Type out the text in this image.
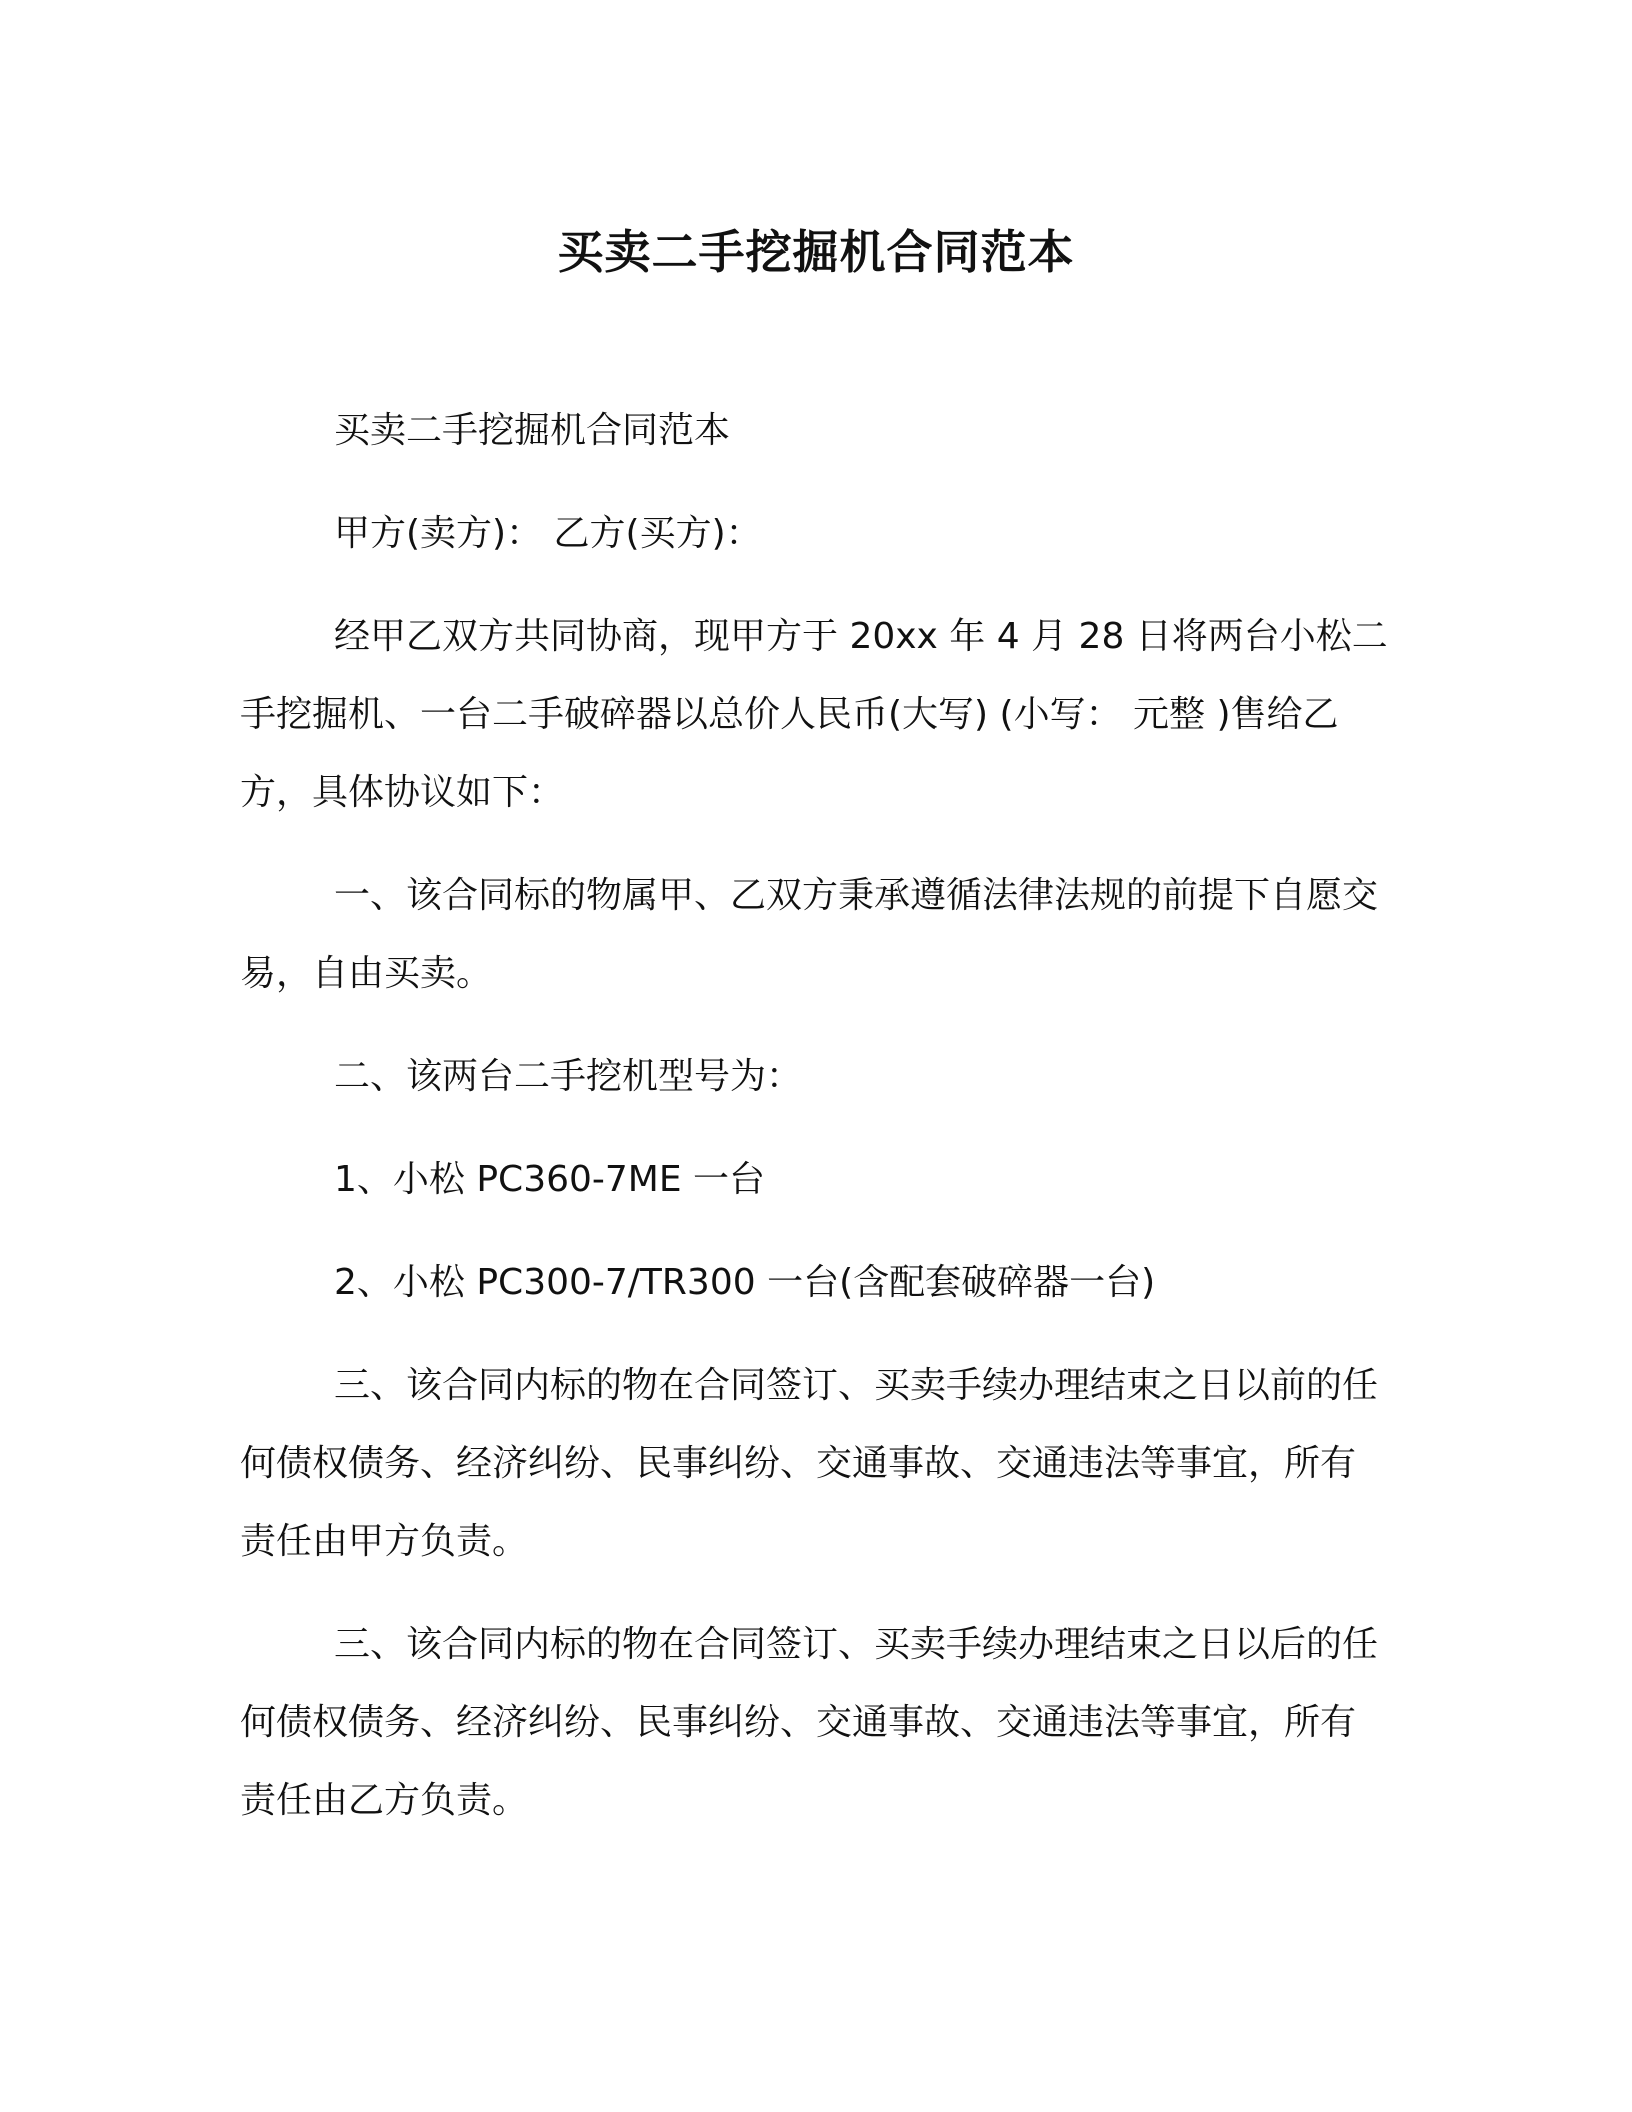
买卖二手挖掘机合同范本

买卖二手挖掘机合同范本

甲方(卖方)： 乙方(买方)：

经甲乙双方共同协商，现甲方于 20xx 年 4 月 28 日将两台小松二手挖掘机、一台二手破碎器以总价人民币(大写) (小写： 元整 )售给乙方，具体协议如下：

一、该合同标的物属甲、乙双方秉承遵循法律法规的前提下自愿交易，自由买卖。

二、该两台二手挖机型号为：

1、小松 PC360-7ME 一台

2、小松 PC300-7/TR300 一台(含配套破碎器一台)

三、该合同内标的物在合同签订、买卖手续办理结束之日以前的任何债权债务、经济纠纷、民事纠纷、交通事故、交通违法等事宜，所有责任由甲方负责。

三、该合同内标的物在合同签订、买卖手续办理结束之日以后的任何债权债务、经济纠纷、民事纠纷、交通事故、交通违法等事宜，所有责任由乙方负责。
